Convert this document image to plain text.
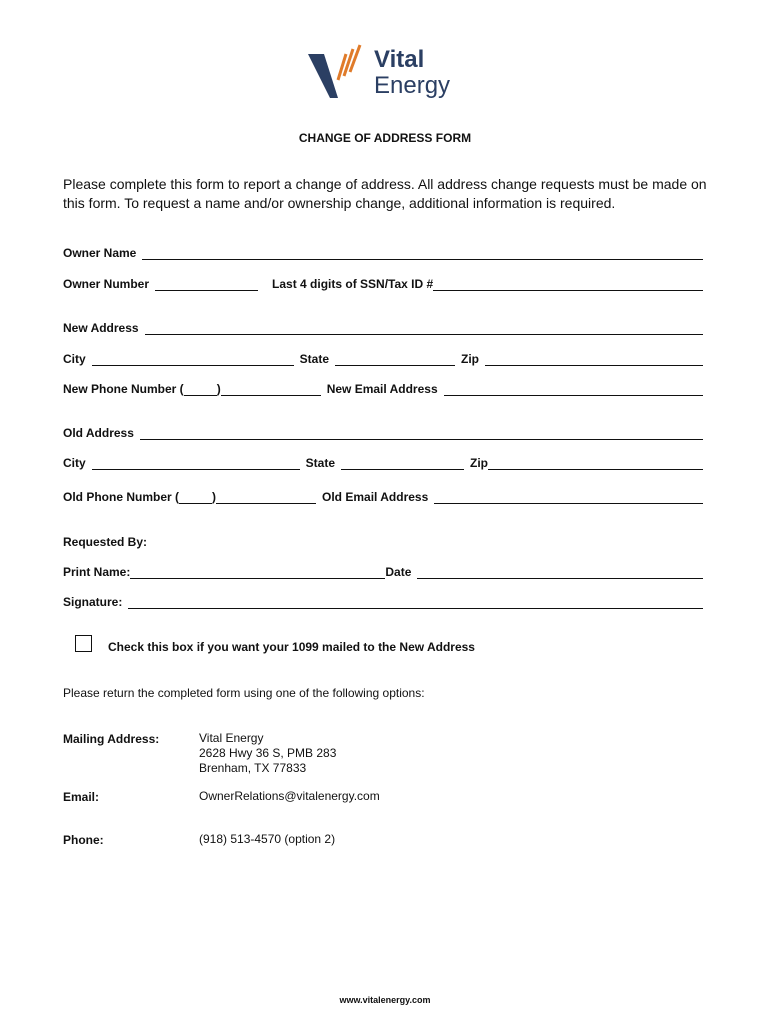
Vital
Energy
CHANGE OF ADDRESS FORM
Please complete this form to report a change of address. All address change requests must be made on this form. To request a name and/or ownership change, additional information is required.
Owner Name
Owner Number	Last 4 digits of SSN/Tax ID #
New Address
City	State	Zip
New Phone Number (	)	New Email Address
Old Address
City	State	Zip
Old Phone Number (	)	Old Email Address
Requested By:
Print Name:	Date
Signature:
Check this box if you want your 1099 mailed to the New Address
Please return the completed form using one of the following options:
Mailing Address:	Vital Energy
2628 Hwy 36 S, PMB 283
Brenham, TX 77833
Email:	OwnerRelations@vitalenergy.com
Phone:	(918) 513-4570 (option 2)
www.vitalenergy.com
